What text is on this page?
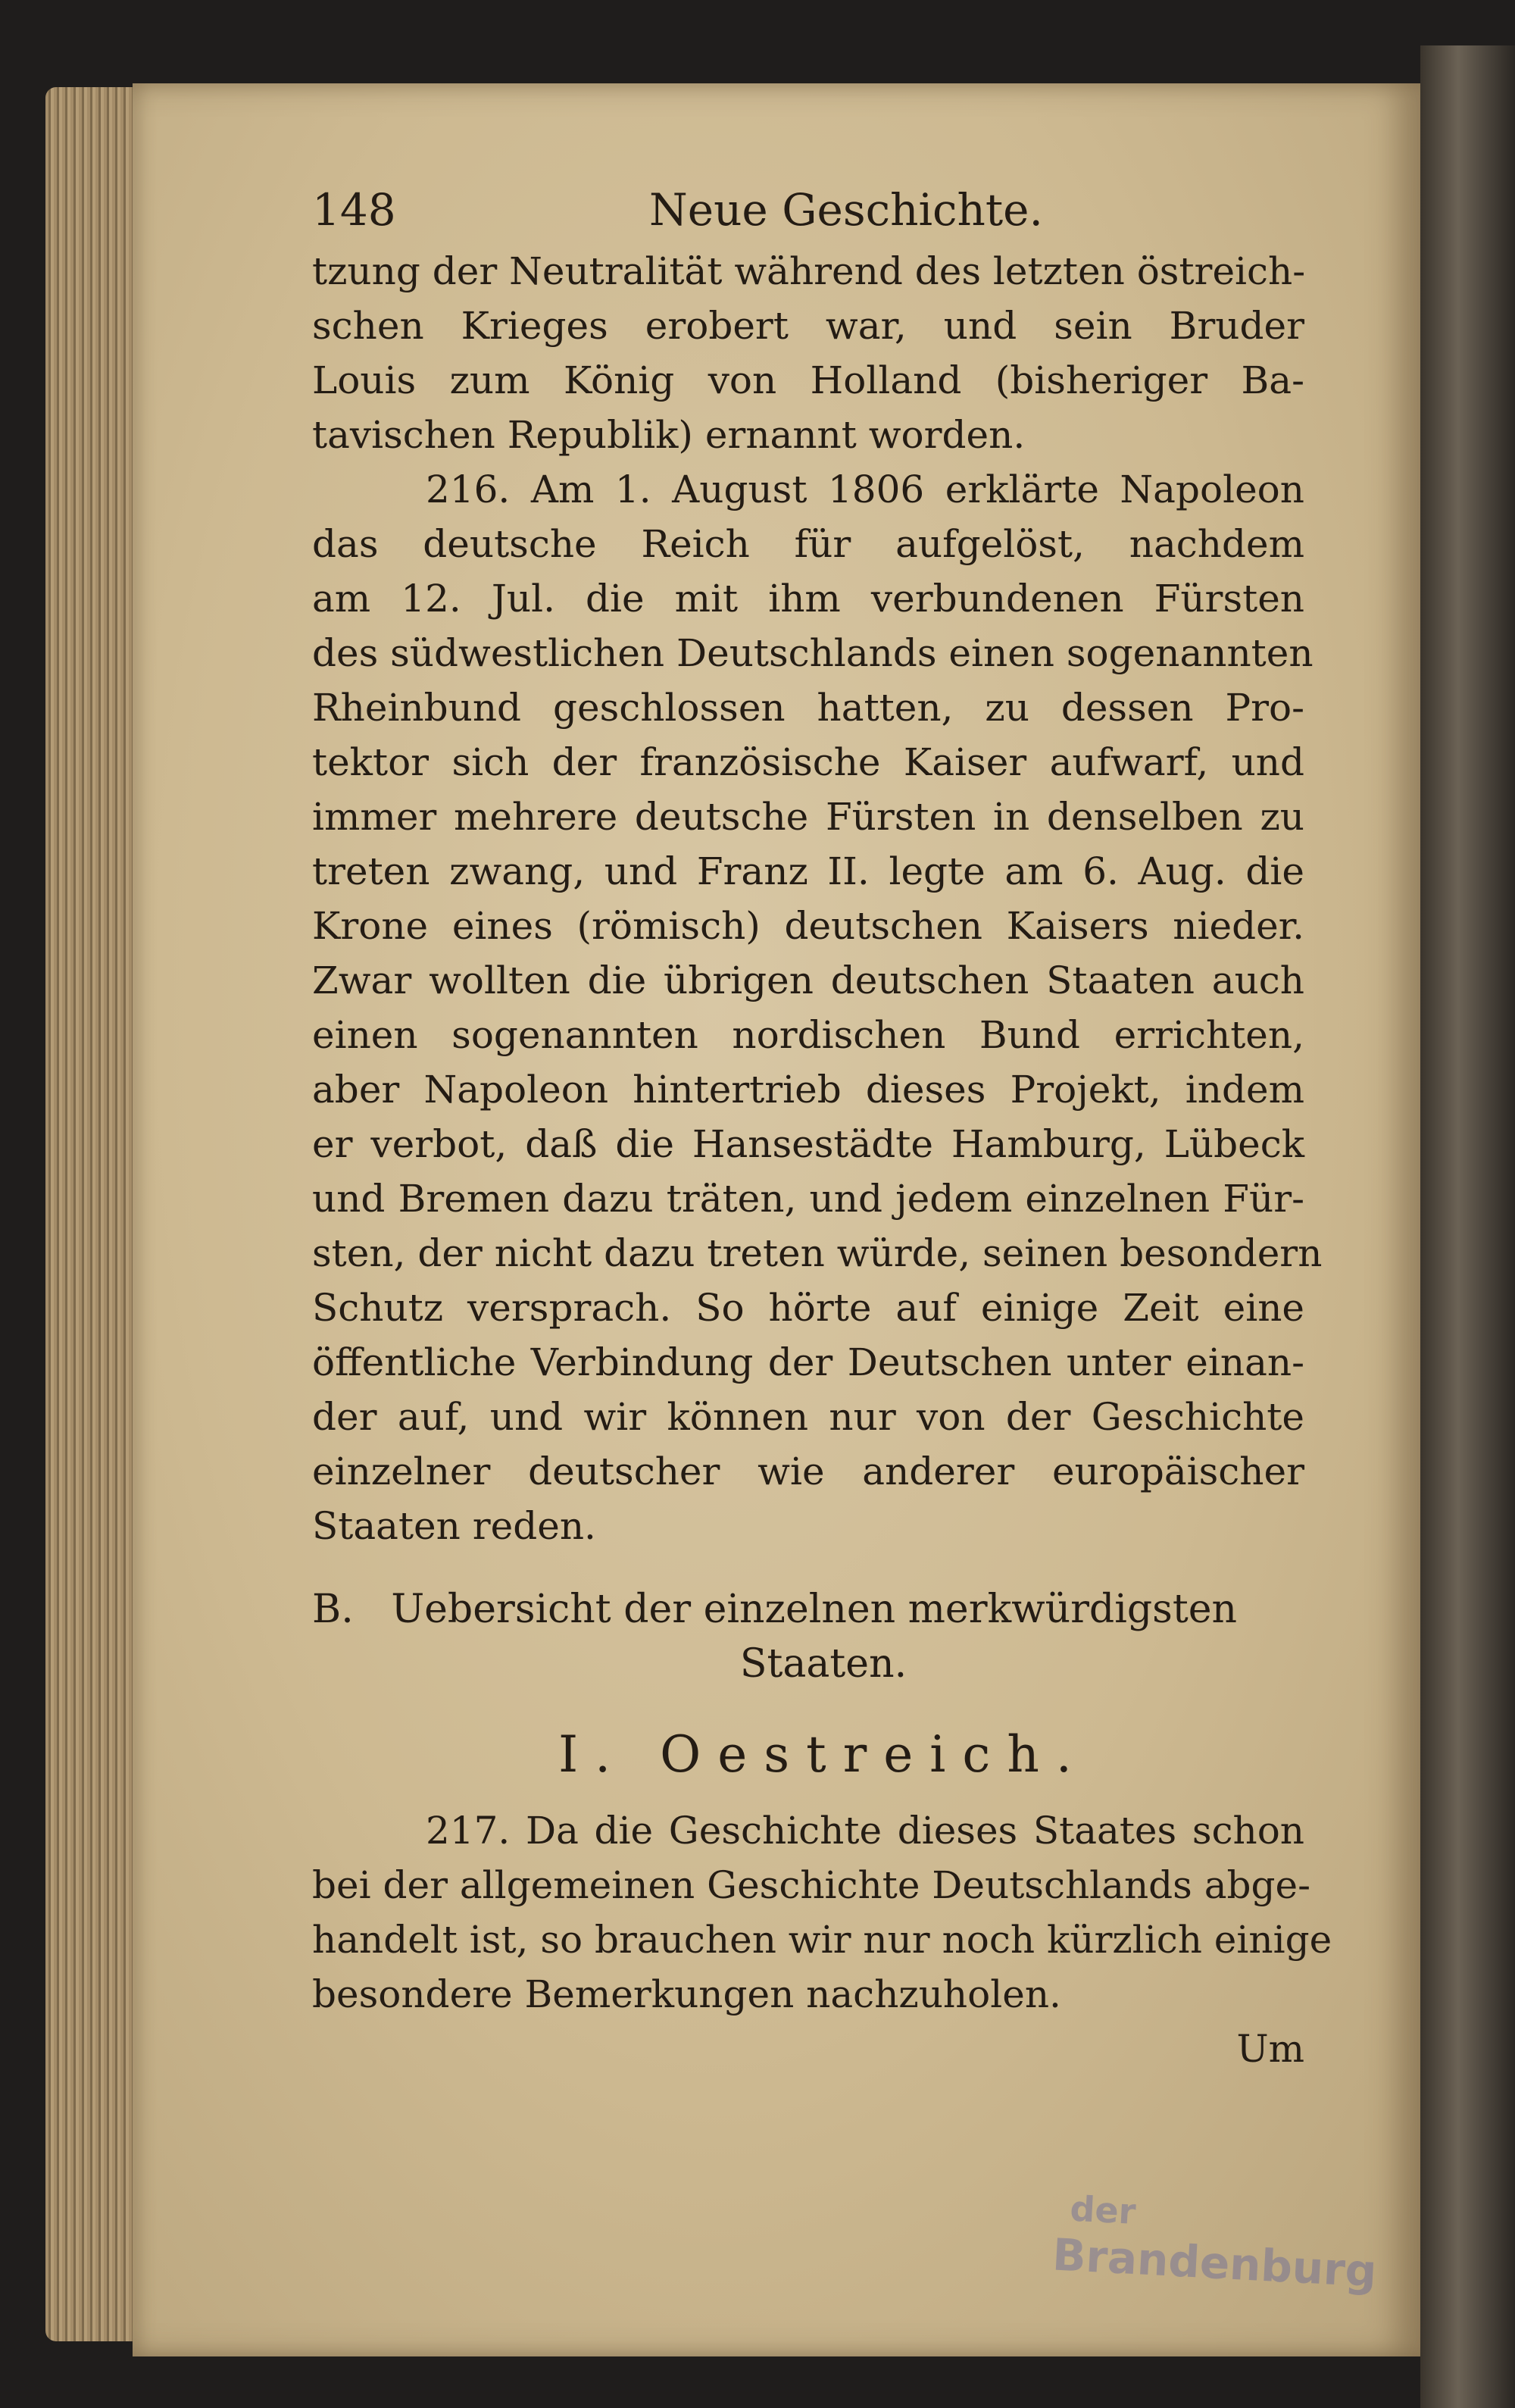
148	Neue Geschichte.
tzung der Neutralität während des letzten östreich-
schen Krieges erobert war, und sein Bruder
Louis zum König von Holland (bisheriger Ba-
tavischen Republik) ernannt worden.
216. Am 1. August 1806 erklärte Napoleon
das deutsche Reich für aufgelöst, nachdem
am 12. Jul. die mit ihm verbundenen Fürsten
des südwestlichen Deutschlands einen sogenannten
Rheinbund geschlossen hatten, zu dessen Pro-
tektor sich der französische Kaiser aufwarf, und
immer mehrere deutsche Fürsten in denselben zu
treten zwang, und Franz II. legte am 6. Aug. die
Krone eines (römisch) deutschen Kaisers nieder.
Zwar wollten die übrigen deutschen Staaten auch
einen sogenannten nordischen Bund errichten,
aber Napoleon hintertrieb dieses Projekt, indem
er verbot, daß die Hansestädte Hamburg, Lübeck
und Bremen dazu träten, und jedem einzelnen Für-
sten, der nicht dazu treten würde, seinen besondern
Schutz versprach. So hörte auf einige Zeit eine
öffentliche Verbindung der Deutschen unter einan-
der auf, und wir können nur von der Geschichte
einzelner deutscher wie anderer europäischer
Staaten reden.
B.   Uebersicht der einzelnen merkwürdigsten
Staaten.
I. Oestreich.
217. Da die Geschichte dieses Staates schon
bei der allgemeinen Geschichte Deutschlands abge-
handelt ist, so brauchen wir nur noch kürzlich einige
besondere Bemerkungen nachzuholen.
Um
der
Brandenburg
